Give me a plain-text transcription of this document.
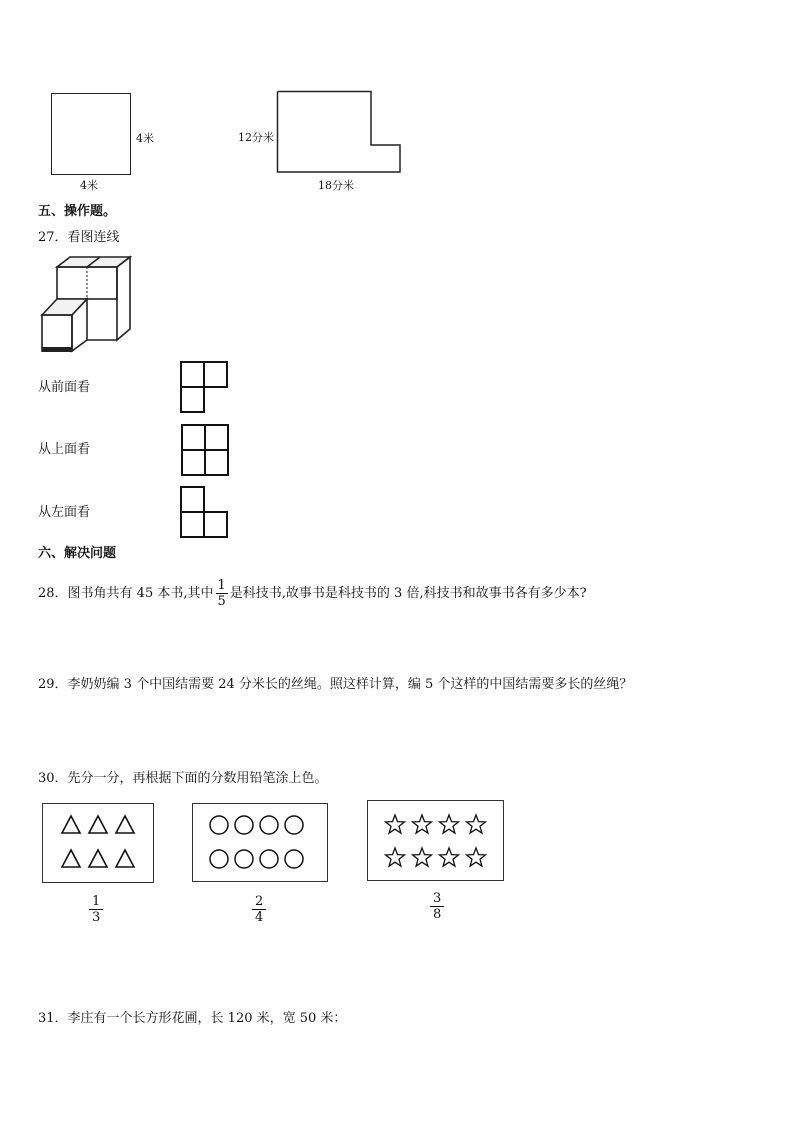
4米
4米
12分米
18分米
五、操作题。
27．看图连线
从前面看
从上面看
从左面看
六、解决问题
28． 图书角共有 45 本书,其中 $\frac{1}{5}$ 是科技书,故事书是科技书的 3 倍,科技书和故事书各有多少本?
29．李奶奶编 3 个中国结需要 24 分米长的丝绳。照这样计算，编 5 个这样的中国结需要多长的丝绳？
30．先分一分，再根据下面的分数用铅笔涂上色。
$\frac{1}{3}$	$\frac{2}{4}$	$\frac{3}{8}$
31．李庄有一个长方形花圃，长 120 米，宽 50 米：
